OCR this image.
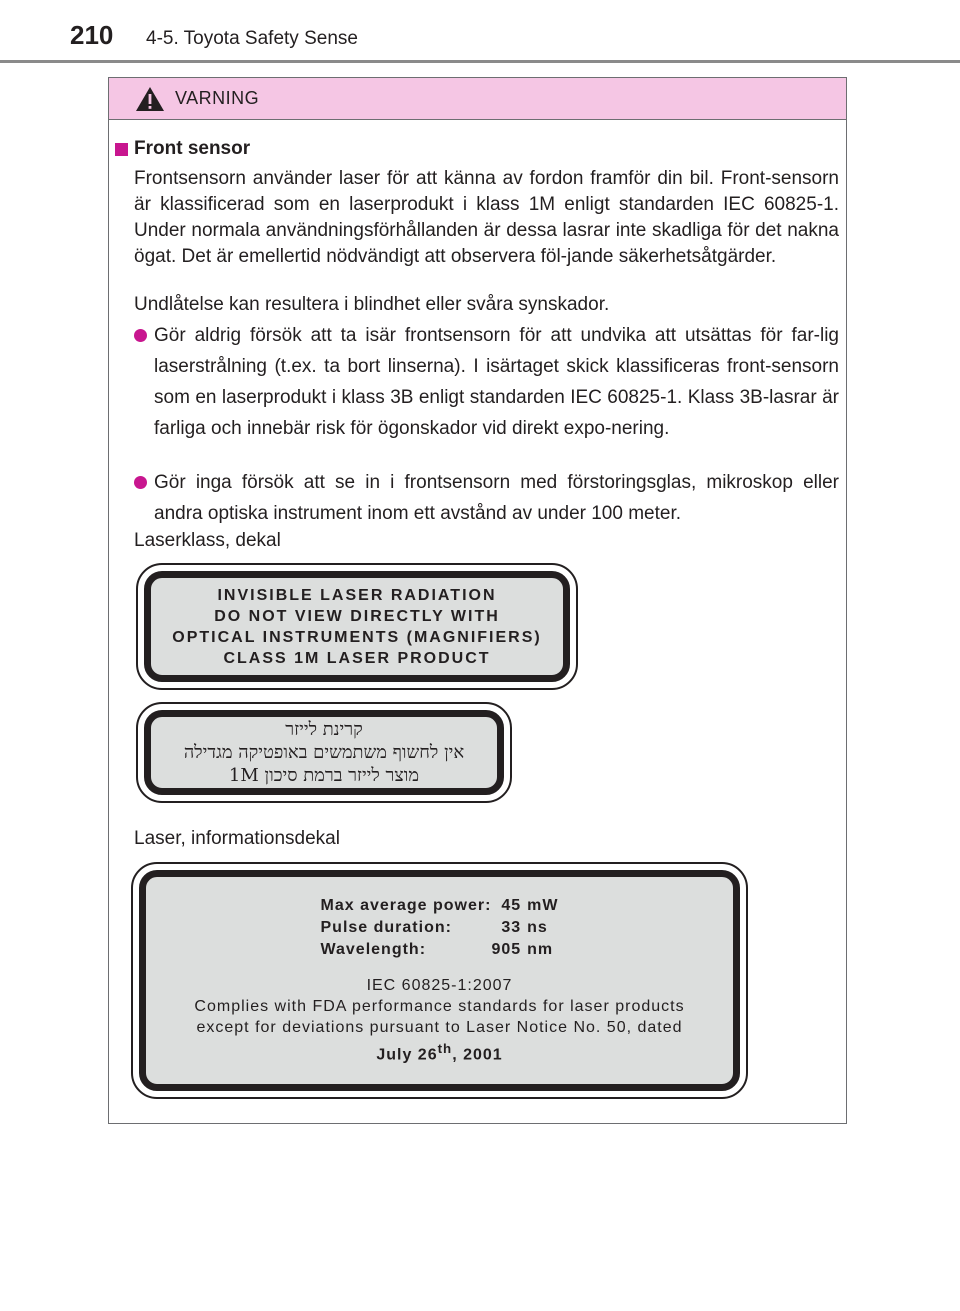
210 4-5. Toyota Safety Sense
VARNING
Front sensor
Frontsensorn använder laser för att känna av fordon framför din bil. Front-sensorn är klassificerad som en laserprodukt i klass 1M enligt standarden IEC 60825-1. Under normala användningsförhållanden är dessa lasrar inte skadliga för det nakna ögat. Det är emellertid nödvändigt att observera föl-jande säkerhetsåtgärder.
Undlåtelse kan resultera i blindhet eller svåra synskador.
Gör aldrig försök att ta isär frontsensorn för att undvika att utsättas för far-lig laserstrålning (t.ex. ta bort linserna). I isärtaget skick klassificeras front-sensorn som en laserprodukt i klass 3B enligt standarden IEC 60825-1. Klass 3B-lasrar är farliga och innebär risk för ögonskador vid direkt expo-nering.
Gör inga försök att se in i frontsensorn med förstoringsglas, mikroskop eller andra optiska instrument inom ett avstånd av under 100 meter.
Laserklass, dekal
Laser, informationsdekal
INVISIBLE LASER RADIATION
DO NOT VIEW DIRECTLY WITH
OPTICAL INSTRUMENTS (MAGNIFIERS)
CLASS 1M LASER PRODUCT
קרינת לייזר
אין לחשוף משתמשים באופטיקה מגדילה
מוצר לייזר ברמת סיכון 1M
Max average power:	45	mW
Pulse duration:	33	ns
Wavelength:	905	nm
IEC 60825-1:2007
Complies with FDA performance standards for laser products
except for deviations pursuant to Laser Notice No. 50, dated
July 26th, 2001
